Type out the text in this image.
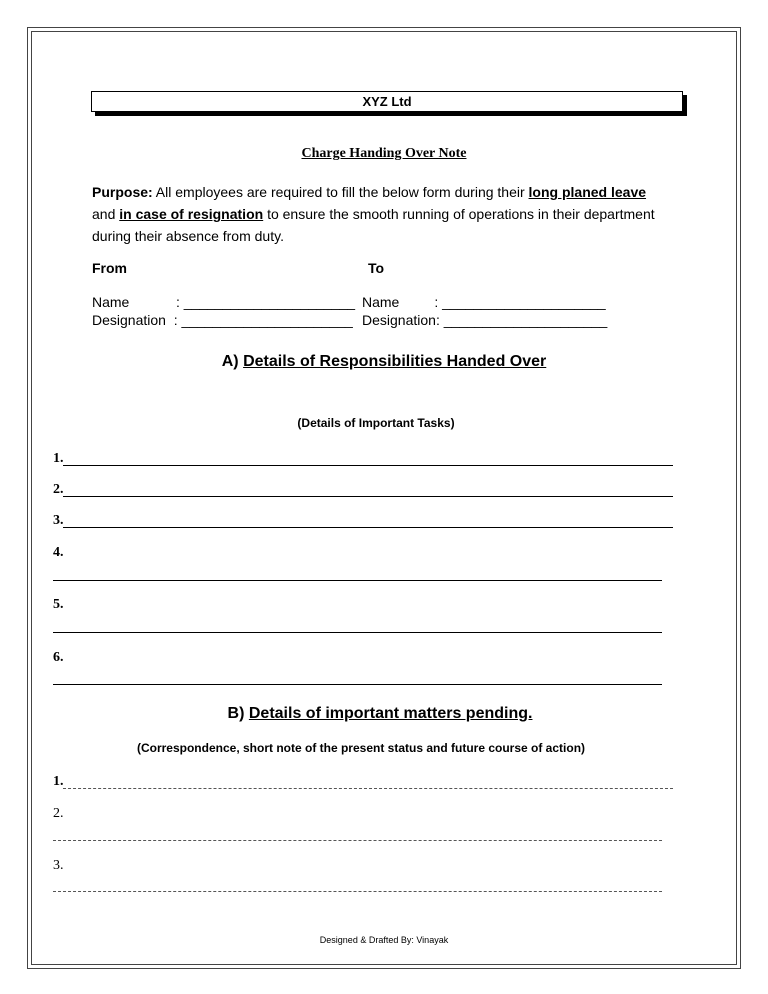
XYZ Ltd
Charge Handing Over Note
Purpose: All employees are required to fill the below form during their long planed leave and in case of resignation to ensure the smooth running of operations in their department during their absence from duty.
From	To
Name            : ______________________
Designation  : ______________________
Name         : _____________________
Designation: _____________________
A) Details of Responsibilities Handed Over
(Details of Important Tasks)
1.
2.
3.
4.
5.
6.
B) Details of important matters pending.
(Correspondence, short note of the present status and future course of action)
1.
2.
3.
Designed & Drafted By: Vinayak
